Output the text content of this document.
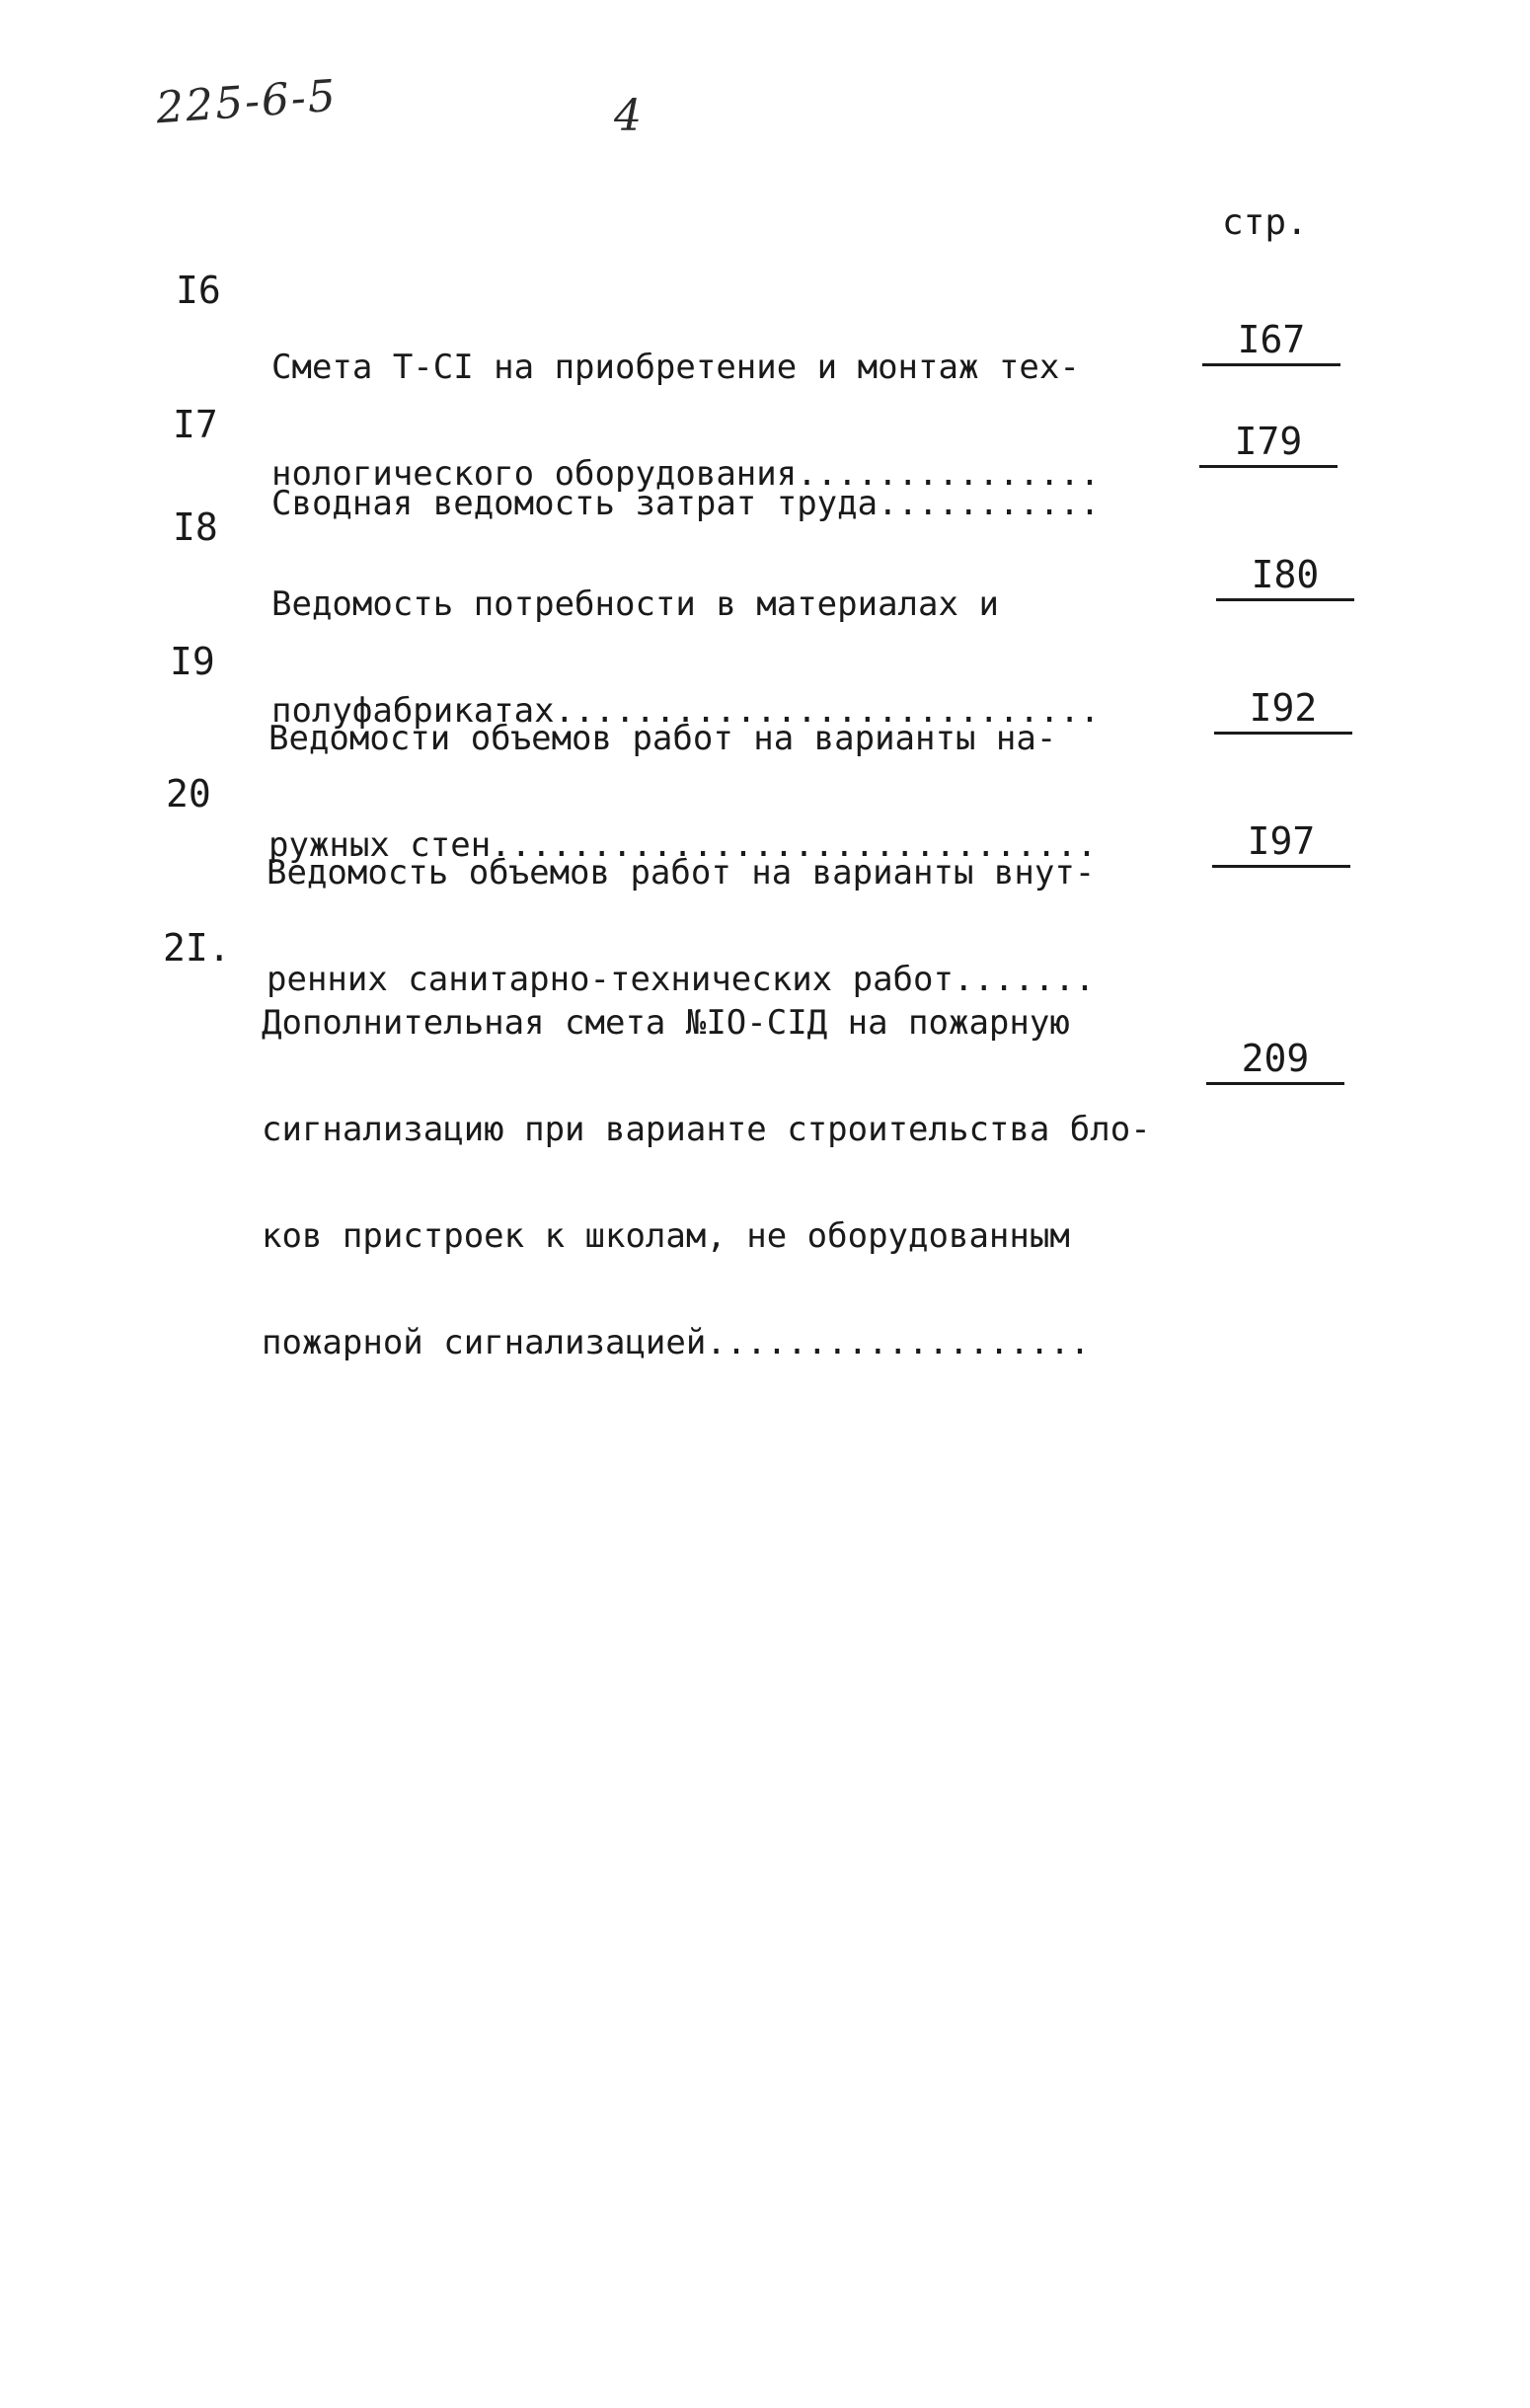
225-6-5	4
стр.
I6

Смета Т-CI на приобретение и монтаж тех-

нологического оборудования...............

I67
I7

Сводная ведомость затрат труда...........

I79
I8

Ведомость потребности в материалах и

полуфабрикатах...........................

I80
I9

Ведомости объемов работ на варианты на-

ружных стен..............................

I92
20

Ведомость объемов работ на варианты внут-

ренних санитарно-технических работ.......

I97
2I.

Дополнительная смета №IO-CIД на пожарную

сигнализацию при варианте строительства бло-

ков пристроек к школам, не оборудованным

пожарной сигнализацией...................

209
